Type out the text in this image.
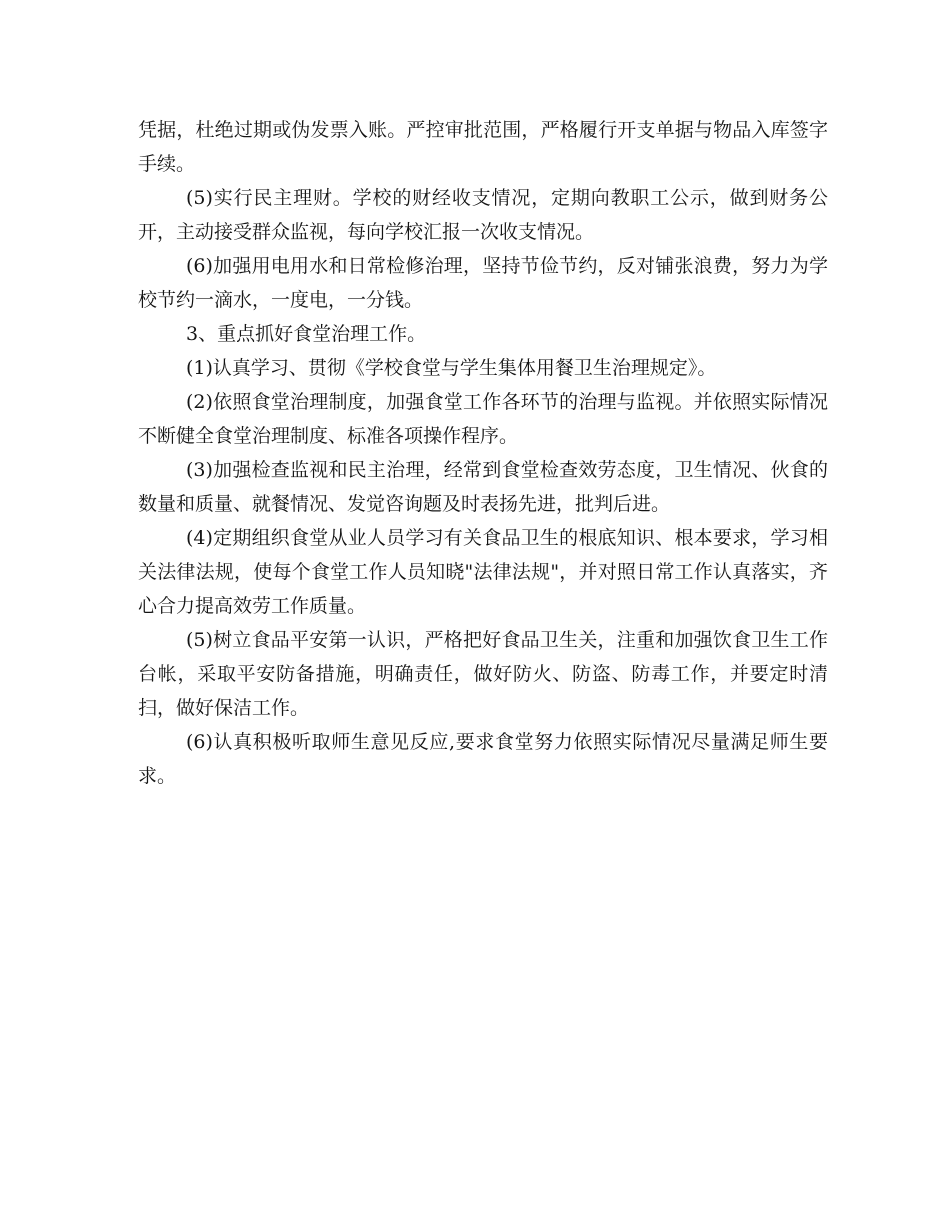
凭据，杜绝过期或伪发票入账。严控审批范围，严格履行开支单据与物品入库签字手续。

(5)实行民主理财。学校的财经收支情况，定期向教职工公示，做到财务公开，主动接受群众监视，每向学校汇报一次收支情况。

(6)加强用电用水和日常检修治理，坚持节俭节约，反对铺张浪费，努力为学校节约一滴水，一度电，一分钱。

3、重点抓好食堂治理工作。

(1)认真学习、贯彻《学校食堂与学生集体用餐卫生治理规定》。

(2)依照食堂治理制度，加强食堂工作各环节的治理与监视。并依照实际情况不断健全食堂治理制度、标准各项操作程序。

(3)加强检查监视和民主治理，经常到食堂检查效劳态度，卫生情况、伙食的数量和质量、就餐情况、发觉咨询题及时表扬先进，批判后进。

(4)定期组织食堂从业人员学习有关食品卫生的根底知识、根本要求，学习相关法律法规，使每个食堂工作人员知晓"法律法规"，并对照日常工作认真落实，齐心合力提高效劳工作质量。

(5)树立食品平安第一认识，严格把好食品卫生关，注重和加强饮食卫生工作台帐，采取平安防备措施，明确责任，做好防火、防盗、防毒工作，并要定时清扫，做好保洁工作。

(6)认真积极听取师生意见反应,要求食堂努力依照实际情况尽量满足师生要求。
